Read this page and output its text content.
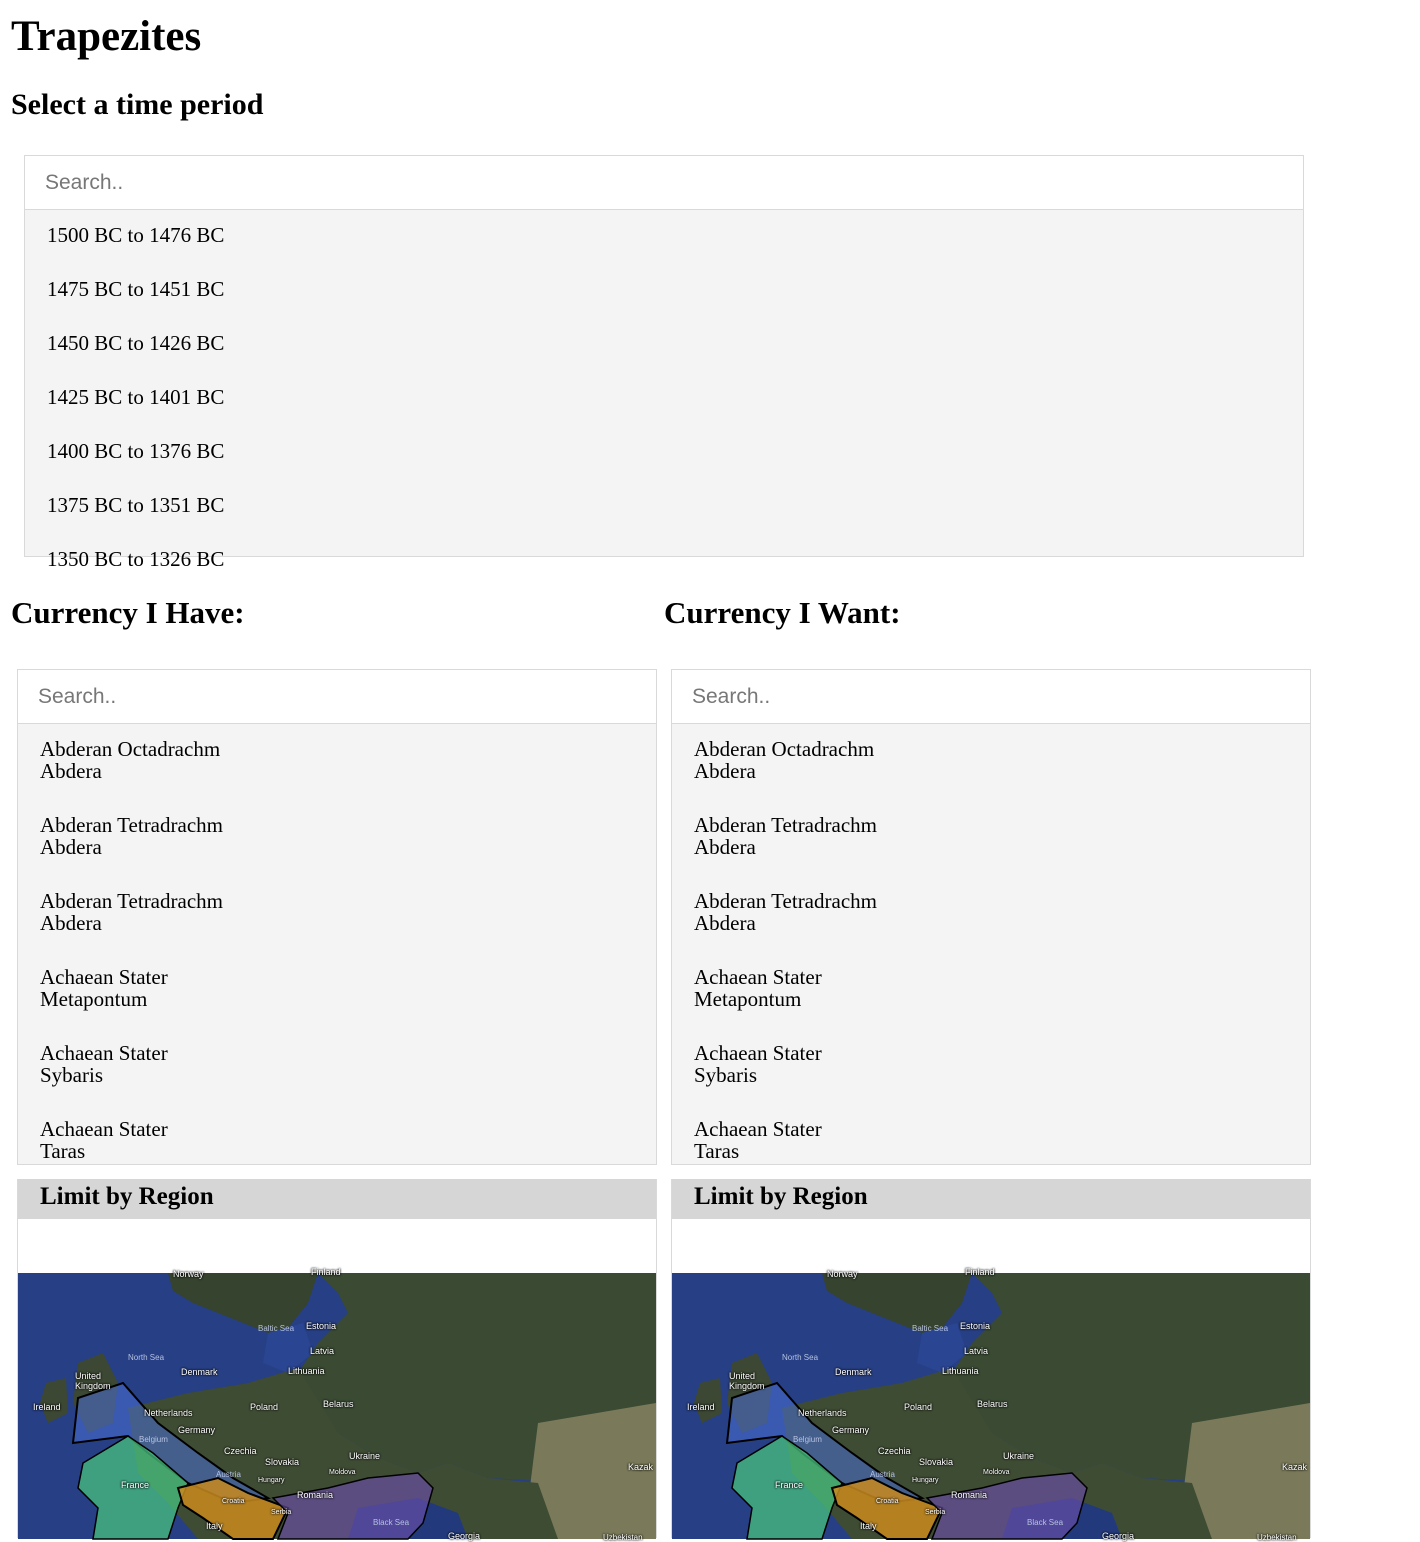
Trapezites
Select a time period
Search..
1500 BC to 1476 BC
1475 BC to 1451 BC
1450 BC to 1426 BC
1425 BC to 1401 BC
1400 BC to 1376 BC
1375 BC to 1351 BC
1350 BC to 1326 BC
Currency I Have:	Currency I Want:
Search..
Abderan Octadrachm
Abdera
Abderan Tetradrachm
Abdera
Abderan Tetradrachm
Abdera
Achaean Stater
Metapontum
Achaean Stater
Sybaris
Achaean Stater
Taras
Search..
Abderan Octadrachm
Abdera
Abderan Tetradrachm
Abdera
Abderan Tetradrachm
Abdera
Achaean Stater
Metapontum
Achaean Stater
Sybaris
Achaean Stater
Taras
Limit by Region
Norway	Finland
Baltic Sea Estonia
Latvia
North Sea
Denmark	Lithuania
United Kingdom
Ireland
Netherlands
Poland	Belarus
Germany
Belgium
Czechia
Slovakia
Ukraine
France
Austria
Hungary
Moldova
Romania
Croatia
Serbia
Italy	Black Sea
Georgia
Kazak
Uzbekistan
Limit by Region
Norway	Finland
Baltic Sea Estonia
Latvia
North Sea
Denmark	Lithuania
United Kingdom
Ireland
Netherlands
Poland	Belarus
Germany
Belgium
Czechia
Slovakia
Ukraine
France
Austria
Hungary
Moldova
Romania
Croatia
Serbia
Italy	Black Sea
Georgia
Kazak
Uzbekistan
